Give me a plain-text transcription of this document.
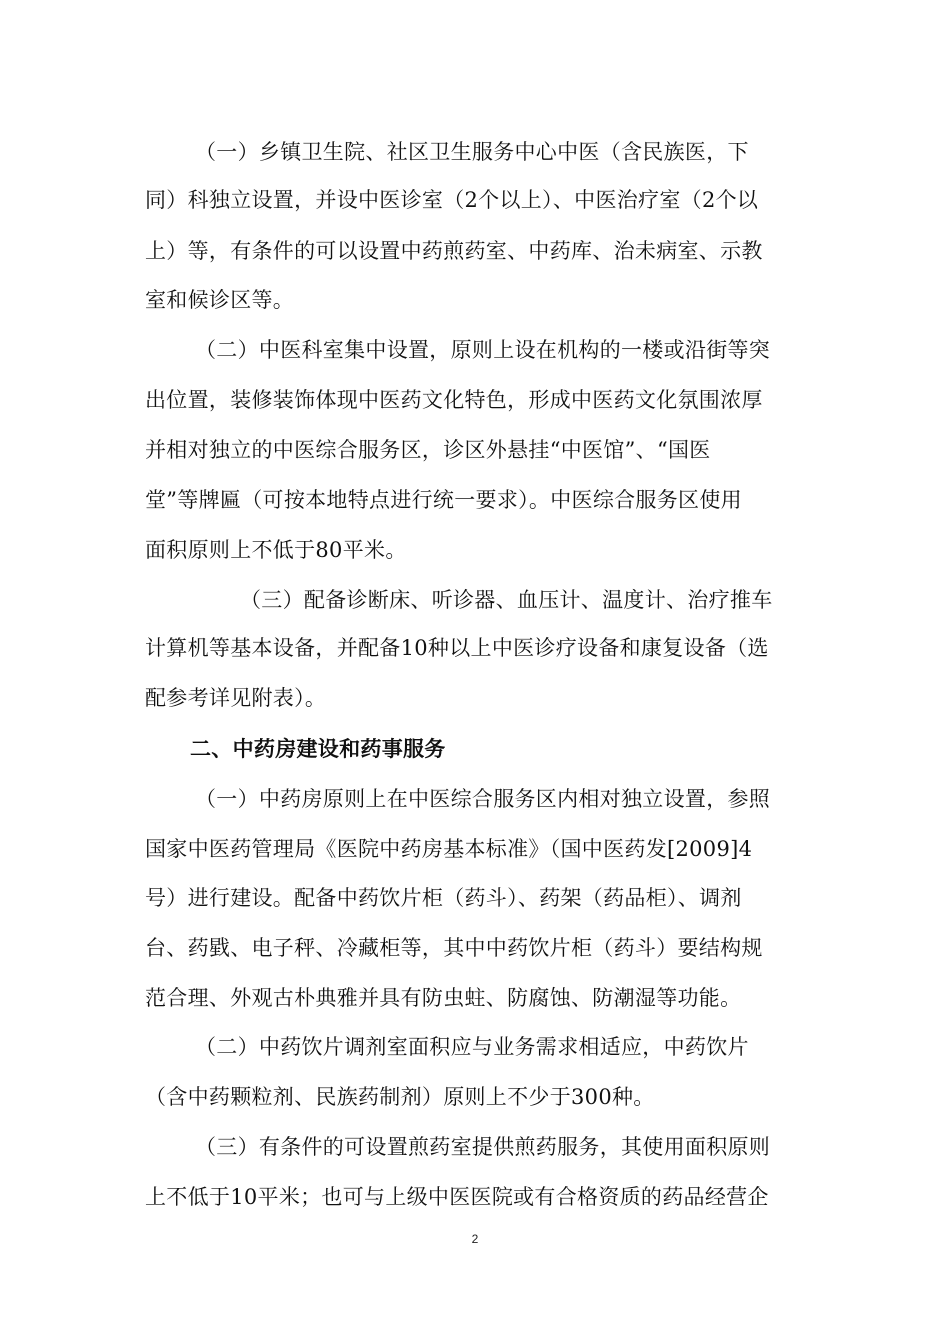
（一）乡镇卫生院、社区卫生服务中心中医（含民族医，下
同）科独立设置，并设中医诊室（2个以上）、中医治疗室（2个以
上）等，有条件的可以设置中药煎药室、中药库、治未病室、示教
室和候诊区等。
（二）中医科室集中设置，原则上设在机构的一楼或沿街等突
出位置，装修装饰体现中医药文化特色，形成中医药文化氛围浓厚
并相对独立的中医综合服务区，诊区外悬挂“中医馆”、“国医
堂”等牌匾（可按本地特点进行统一要求）。中医综合服务区使用
面积原则上不低于80平米。
（三）配备诊断床、听诊器、血压计、温度计、治疗推车
计算机等基本设备，并配备10种以上中医诊疗设备和康复设备（选
配参考详见附表）。
二、中药房建设和药事服务
（一）中药房原则上在中医综合服务区内相对独立设置，参照
国家中医药管理局《医院中药房基本标准》（国中医药发[2009]4
号）进行建设。配备中药饮片柜（药斗）、药架（药品柜）、调剂
台、药戥、电子秤、冷藏柜等，其中中药饮片柜（药斗）要结构规
范合理、外观古朴典雅并具有防虫蛀、防腐蚀、防潮湿等功能。
（二）中药饮片调剂室面积应与业务需求相适应，中药饮片
（含中药颗粒剂、民族药制剂）原则上不少于300种。
（三）有条件的可设置煎药室提供煎药服务，其使用面积原则
上不低于10平米；也可与上级中医医院或有合格资质的药品经营企
2
